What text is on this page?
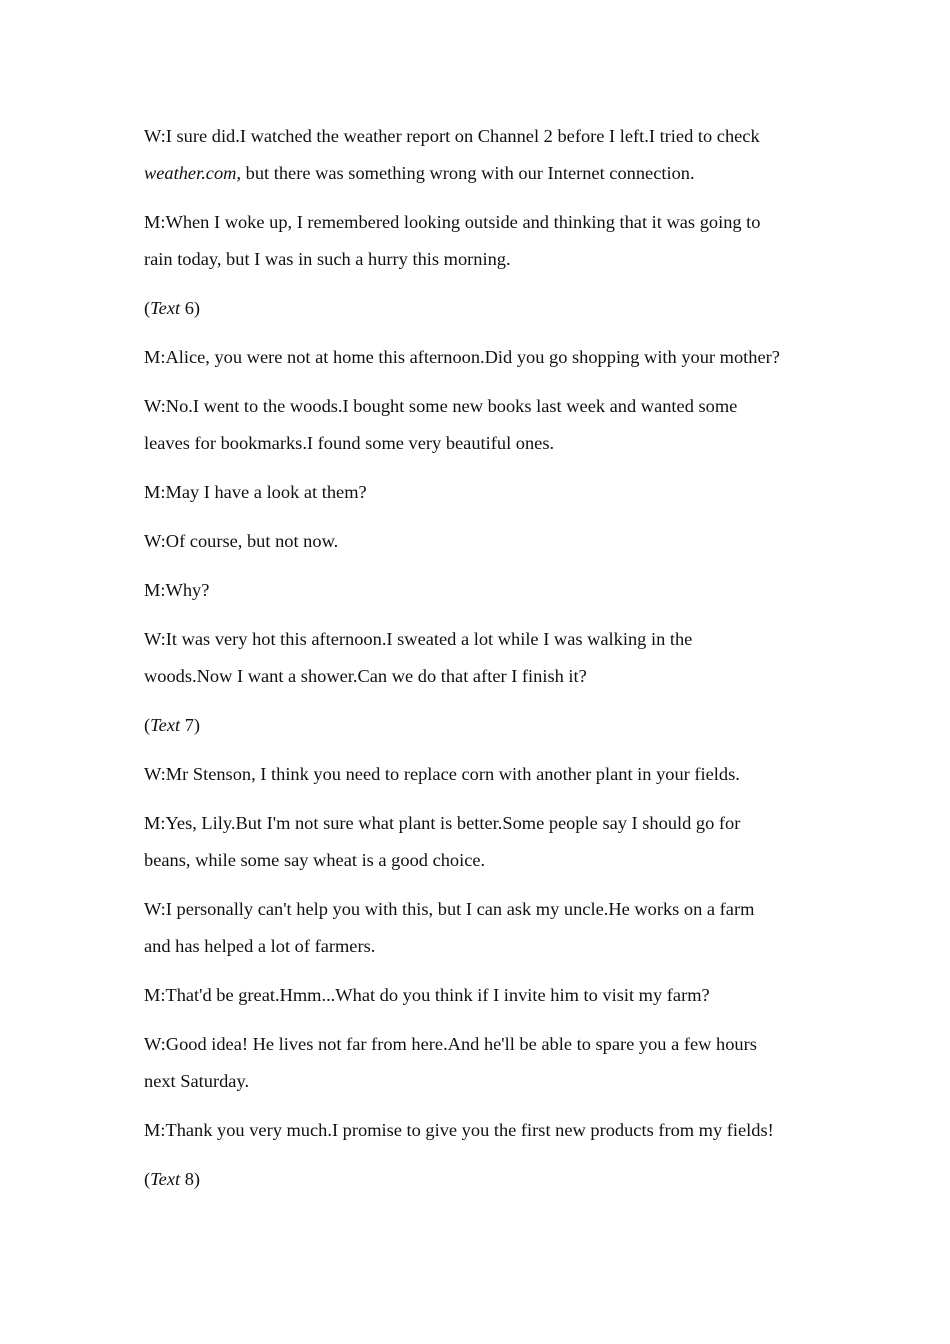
W:I sure did.I watched the weather report on Channel 2 before I left.I tried to check
weather.com, but there was something wrong with our Internet connection.

M:When I woke up, I remembered looking outside and thinking that it was going to
rain today, but I was in such a hurry this morning.

(Text 6)

M:Alice, you were not at home this afternoon.Did you go shopping with your mother?

W:No.I went to the woods.I bought some new books last week and wanted some
leaves for bookmarks.I found some very beautiful ones.

M:May I have a look at them?

W:Of course, but not now.

M:Why?

W:It was very hot this afternoon.I sweated a lot while I was walking in the
woods.Now I want a shower.Can we do that after I finish it?

(Text 7)

W:Mr Stenson, I think you need to replace corn with another plant in your fields.

M:Yes, Lily.But I'm not sure what plant is better.Some people say I should go for
beans, while some say wheat is a good choice.

W:I personally can't help you with this, but I can ask my uncle.He works on a farm
and has helped a lot of farmers.

M:That'd be great.Hmm...What do you think if I invite him to visit my farm?

W:Good idea! He lives not far from here.And he'll be able to spare you a few hours
next Saturday.

M:Thank you very much.I promise to give you the first new products from my fields!

(Text 8)
